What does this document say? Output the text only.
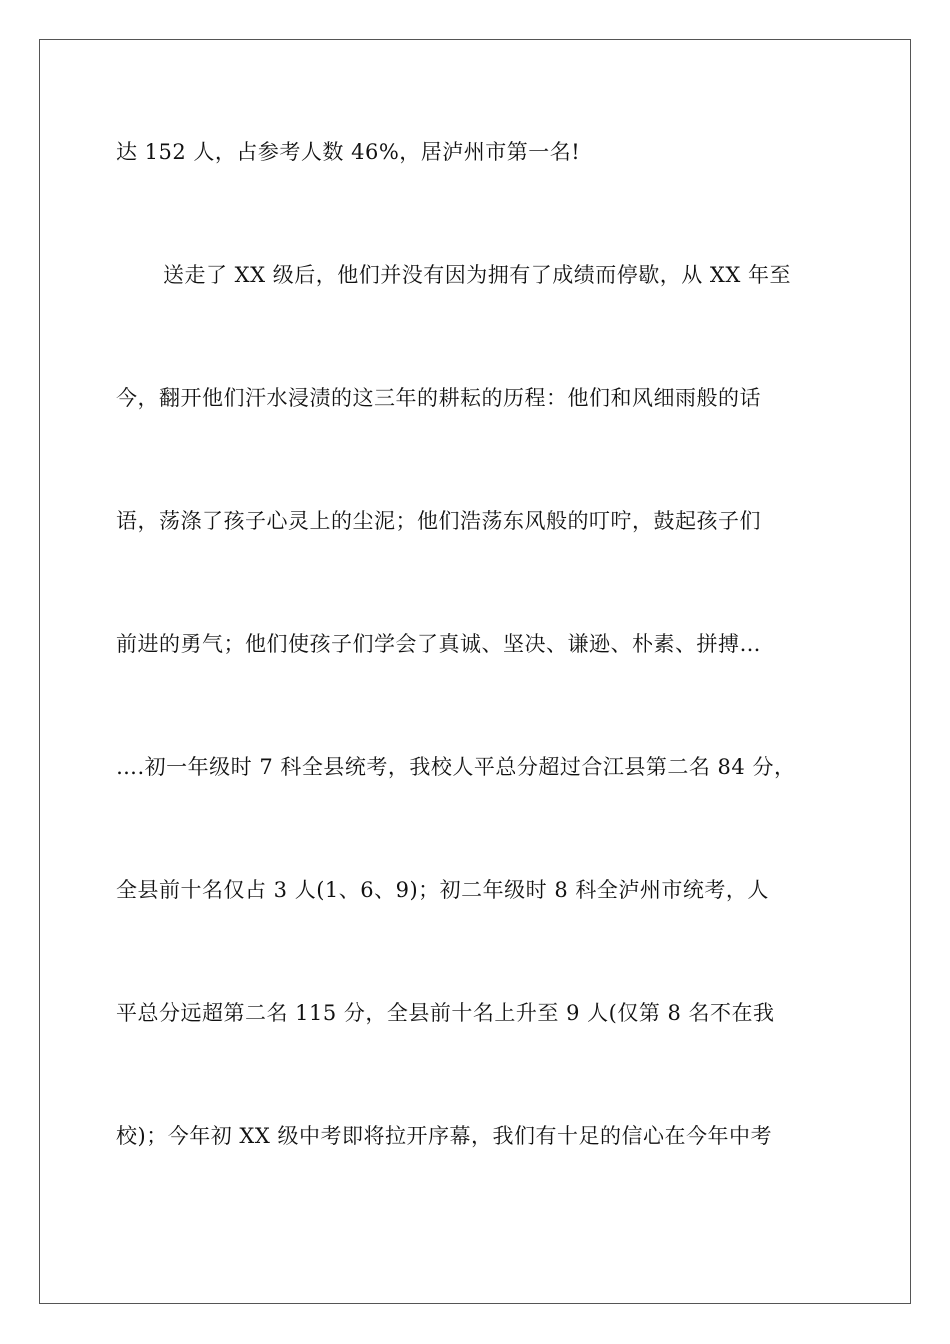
达 152 人，占参考人数 46%，居泸州市第一名!
送走了 XX 级后，他们并没有因为拥有了成绩而停歇，从 XX 年至
今，翻开他们汗水浸渍的这三年的耕耘的历程：他们和风细雨般的话
语，荡涤了孩子心灵上的尘泥；他们浩荡东风般的叮咛，鼓起孩子们
前进的勇气；他们使孩子们学会了真诚、坚决、谦逊、朴素、拼搏…
….初一年级时 7 科全县统考，我校人平总分超过合江县第二名 84 分，
全县前十名仅占 3 人(1、6、9)；初二年级时 8 科全泸州市统考，人
平总分远超第二名 115 分，全县前十名上升至 9 人(仅第 8 名不在我
校)；今年初 XX 级中考即将拉开序幕，我们有十足的信心在今年中考
